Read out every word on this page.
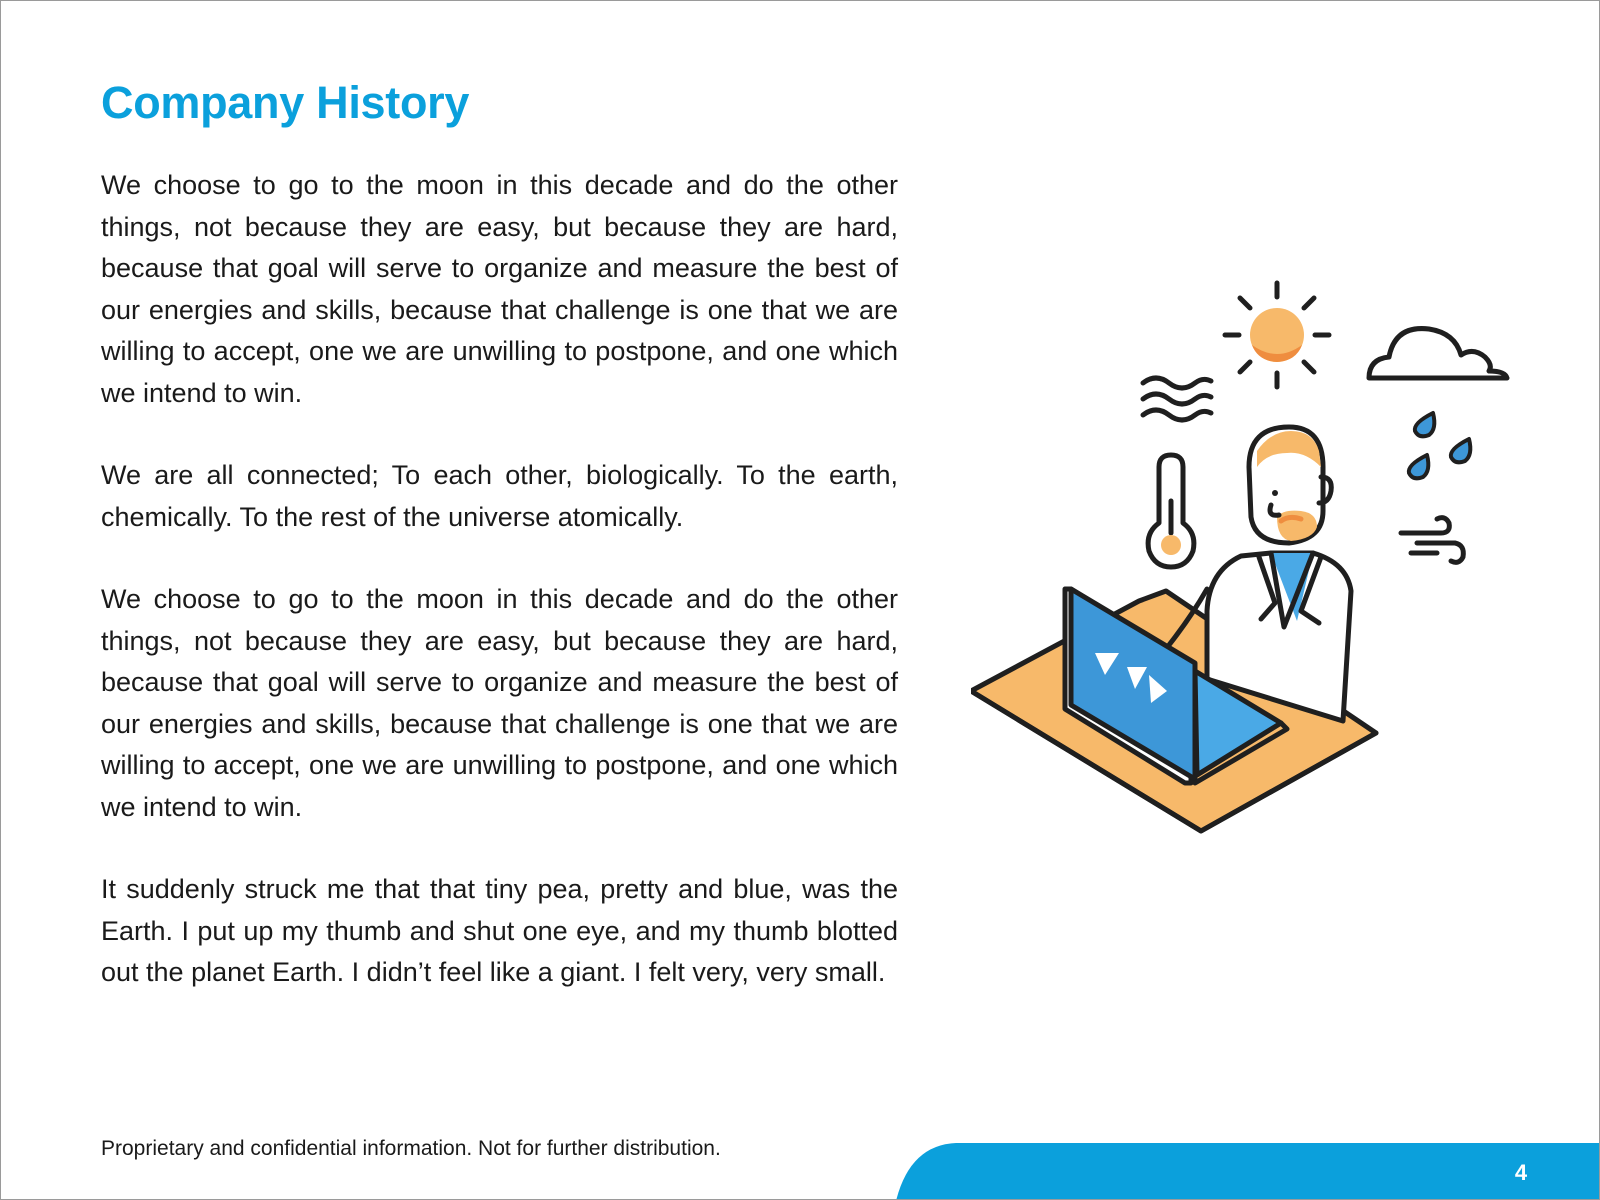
Company History

We choose to go to the moon in this decade and do the other things, not because they are easy, but because they are hard, because that goal will serve to organize and measure the best of our energies and skills, because that challenge is one that we are willing to accept, one we are unwilling to postpone, and one which we intend to win.

We are all connected; To each other, biologically. To the earth, chemically. To the rest of the universe atomically.

We choose to go to the moon in this decade and do the other things, not because they are easy, but because they are hard, because that goal will serve to organize and measure the best of our energies and skills, because that challenge is one that we are willing to accept, one we are unwilling to postpone, and one which we intend to win.

It suddenly struck me that that tiny pea, pretty and blue, was the Earth. I put up my thumb and shut one eye, and my thumb blotted out the planet Earth. I didn’t feel like a giant. I felt very, very small.

Proprietary and confidential information. Not for further distribution.
4
